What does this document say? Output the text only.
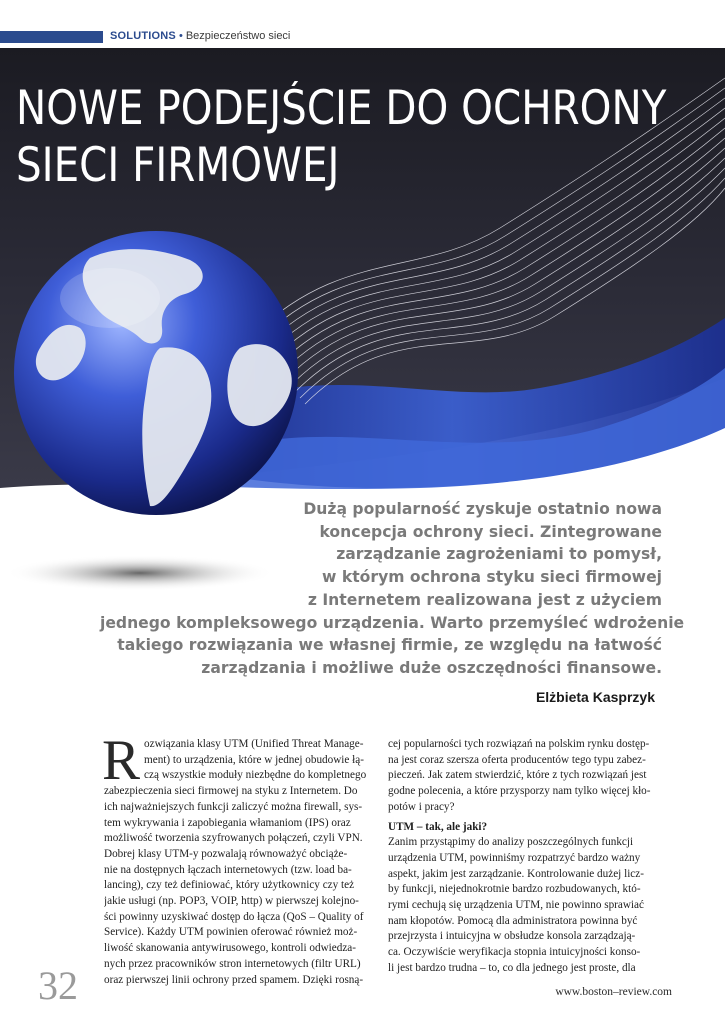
SOLUTIONS • Bezpieczeństwo sieci
NOWE PODEJŚCIE DO OCHRONY
SIECI FIRMOWEJ
Dużą popularność zyskuje ostatnio nowa
koncepcja ochrony sieci. Zintegrowane
zarządzanie zagrożeniami to pomysł,
w którym ochrona styku sieci firmowej
z Internetem realizowana jest z użyciem
jednego kompleksowego urządzenia. Warto przemyśleć wdrożenie
takiego rozwiązania we własnej firmie, ze względu na łatwość
zarządzania i możliwe duże oszczędności finansowe.
Elżbieta Kasprzyk
R ozwiązania klasy UTM (Unified Threat Manage-
ment) to urządzenia, które w jednej obudowie łą-
czą wszystkie moduły niezbędne do kompletnego
zabezpieczenia sieci firmowej na styku z Internetem. Do
ich najważniejszych funkcji zaliczyć można firewall, sys-
tem wykrywania i zapobiegania włamaniom (IPS) oraz
możliwość tworzenia szyfrowanych połączeń, czyli VPN.
Dobrej klasy UTM-y pozwalają równoważyć obciąże-
nie na dostępnych łączach internetowych (tzw. load ba-
lancing), czy też definiować, który użytkownicy czy też
jakie usługi (np. POP3, VOIP, http) w pierwszej kolejno-
ści powinny uzyskiwać dostęp do łącza (QoS – Quality of
Service). Każdy UTM powinien oferować również moż-
liwość skanowania antywirusowego, kontroli odwiedza-
nych przez pracowników stron internetowych (filtr URL)
oraz pierwszej linii ochrony przed spamem. Dzięki rosną-
cej popularności tych rozwiązań na polskim rynku dostęp-
na jest coraz szersza oferta producentów tego typu zabez-
pieczeń. Jak zatem stwierdzić, które z tych rozwiązań jest
godne polecenia, a które przysporzy nam tylko więcej kło-
potów i pracy?
UTM – tak, ale jaki?
Zanim przystąpimy do analizy poszczególnych funkcji
urządzenia UTM, powinniśmy rozpatrzyć bardzo ważny
aspekt, jakim jest zarządzanie. Kontrolowanie dużej licz-
by funkcji, niejednokrotnie bardzo rozbudowanych, któ-
rymi cechują się urządzenia UTM, nie powinno sprawiać
nam kłopotów. Pomocą dla administratora powinna być
przejrzysta i intuicyjna w obsłudze konsola zarządzają-
ca. Oczywiście weryfikacja stopnia intuicyjności konso-
li jest bardzo trudna – to, co dla jednego jest proste, dla
32	www.boston–review.com
